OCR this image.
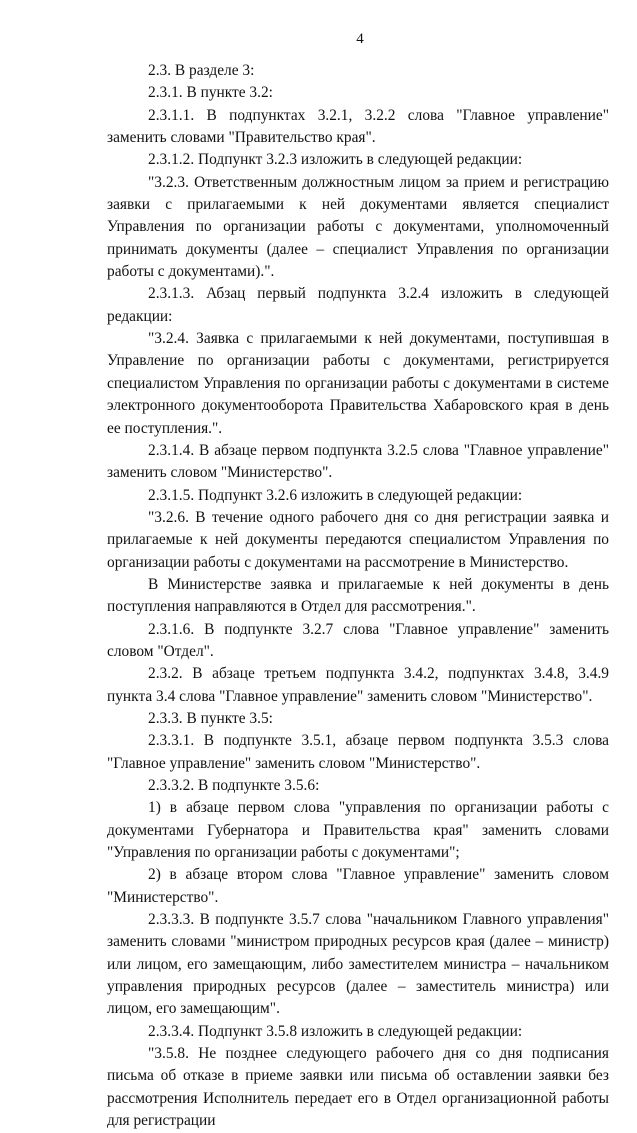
4

2.3. В разделе 3:

2.3.1. В пункте 3.2:

2.3.1.1. В подпунктах 3.2.1, 3.2.2 слова "Главное управление" заменить словами "Правительство края".

2.3.1.2. Подпункт 3.2.3 изложить в следующей редакции:

"3.2.3. Ответственным должностным лицом за прием и регистрацию заявки с прилагаемыми к ней документами является специалист Управления по организации работы с документами, уполномоченный принимать документы (далее – специалист Управления по организации работы с документами).".

2.3.1.3. Абзац первый подпункта 3.2.4 изложить в следующей редакции:

"3.2.4. Заявка с прилагаемыми к ней документами, поступившая в Управление по организации работы с документами, регистрируется специалистом Управления по организации работы с документами в системе электронного документооборота Правительства Хабаровского края в день ее поступления.".

2.3.1.4. В абзаце первом подпункта 3.2.5 слова "Главное управление" заменить словом "Министерство".

2.3.1.5. Подпункт 3.2.6 изложить в следующей редакции:

"3.2.6. В течение одного рабочего дня со дня регистрации заявка и прилагаемые к ней документы передаются специалистом Управления по организации работы с документами на рассмотрение в Министерство.

В Министерстве заявка и прилагаемые к ней документы в день поступления направляются в Отдел для рассмотрения.".

2.3.1.6. В подпункте 3.2.7 слова "Главное управление" заменить словом "Отдел".

2.3.2. В абзаце третьем подпункта 3.4.2, подпунктах 3.4.8, 3.4.9 пункта 3.4 слова "Главное управление" заменить словом "Министерство".

2.3.3. В пункте 3.5:

2.3.3.1. В подпункте 3.5.1, абзаце первом подпункта 3.5.3 слова "Главное управление" заменить словом "Министерство".

2.3.3.2. В подпункте 3.5.6:

1) в абзаце первом слова "управления по организации работы с документами Губернатора и Правительства края" заменить словами "Управления по организации работы с документами";

2) в абзаце втором слова "Главное управление" заменить словом "Министерство".

2.3.3.3. В подпункте 3.5.7 слова "начальником Главного управления" заменить словами "министром природных ресурсов края (далее – министр) или лицом, его замещающим, либо заместителем министра – начальником управления природных ресурсов (далее – заместитель министра) или лицом, его замещающим".

2.3.3.4. Подпункт 3.5.8 изложить в следующей редакции:

"3.5.8. Не позднее следующего рабочего дня со дня подписания письма об отказе в приеме заявки или письма об оставлении заявки без рассмотрения Исполнитель передает его в Отдел организационной работы для регистрации
